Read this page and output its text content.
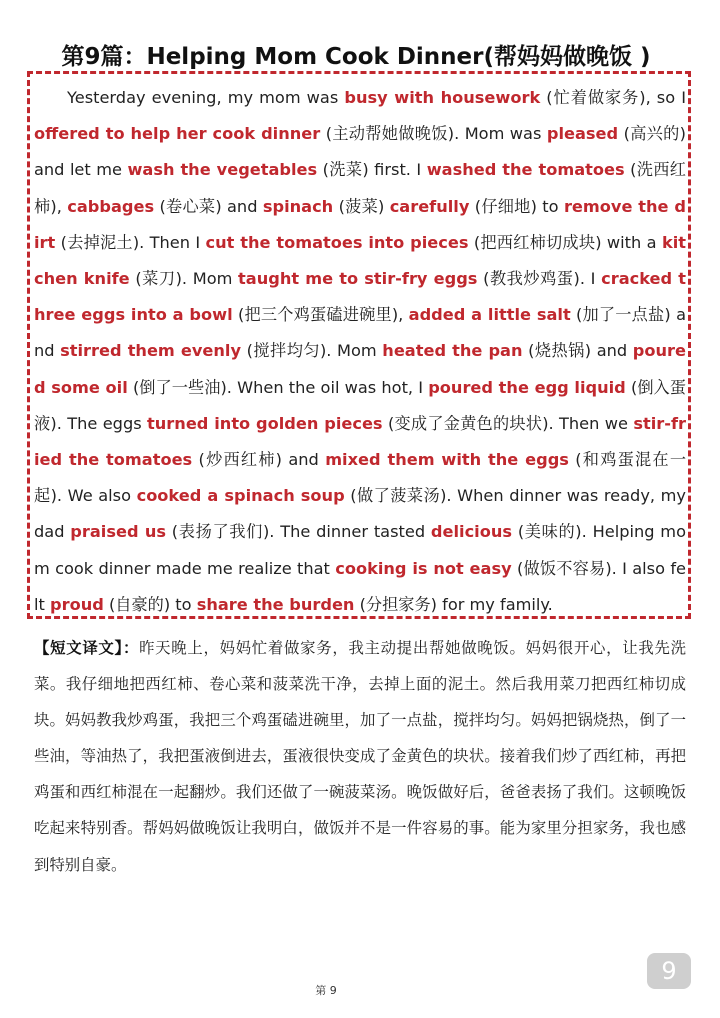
第9篇：Helping Mom Cook Dinner(帮妈妈做晚饭 )
Yesterday evening, my mom was busy with housework (忙着做家务), so I offered to help her cook dinner (主动帮她做晚饭). Mom was pleased (高兴的) and let me wash the vegetables (洗菜) first. I washed the tomatoes (洗西红柿), cabbages (卷心菜) and spinach (菠菜) carefully (仔细地) to remove the dirt (去掉泥土). Then I cut the tomatoes into pieces (把西红柿切成块) with a kitchen knife (菜刀). Mom taught me to stir-fry eggs (教我炒鸡蛋). I cracked three eggs into a bowl (把三个鸡蛋磕进碗里), added a little salt (加了一点盐) and stirred them evenly (搅拌均匀). Mom heated the pan (烧热锅) and poured some oil (倒了一些油). When the oil was hot, I poured the egg liquid (倒入蛋液). The eggs turned into golden pieces (变成了金黄色的块状). Then we stir-fried the tomatoes (炒西红柿) and mixed them with the eggs (和鸡蛋混在一起). We also cooked a spinach soup (做了菠菜汤). When dinner was ready, my dad praised us (表扬了我们). The dinner tasted delicious (美味的). Helping mom cook dinner made me realize that cooking is not easy (做饭不容易). I also felt proud (自豪的) to share the burden (分担家务) for my family.
【短文译文】：昨天晚上，妈妈忙着做家务，我主动提出帮她做晚饭。妈妈很开心，让我先洗菜。我仔细地把西红柿、卷心菜和菠菜洗干净，去掉上面的泥土。然后我用菜刀把西红柿切成块。妈妈教我炒鸡蛋，我把三个鸡蛋磕进碗里，加了一点盐，搅拌均匀。妈妈把锅烧热，倒了一些油，等油热了，我把蛋液倒进去，蛋液很快变成了金黄色的块状。接着我们炒了西红柿，再把鸡蛋和西红柿混在一起翻炒。我们还做了一碗菠菜汤。晚饭做好后，爸爸表扬了我们。这顿晚饭吃起来特别香。帮妈妈做晚饭让我明白，做饭并不是一件容易的事。能为家里分担家务，我也感到特别自豪。
9
第 9
